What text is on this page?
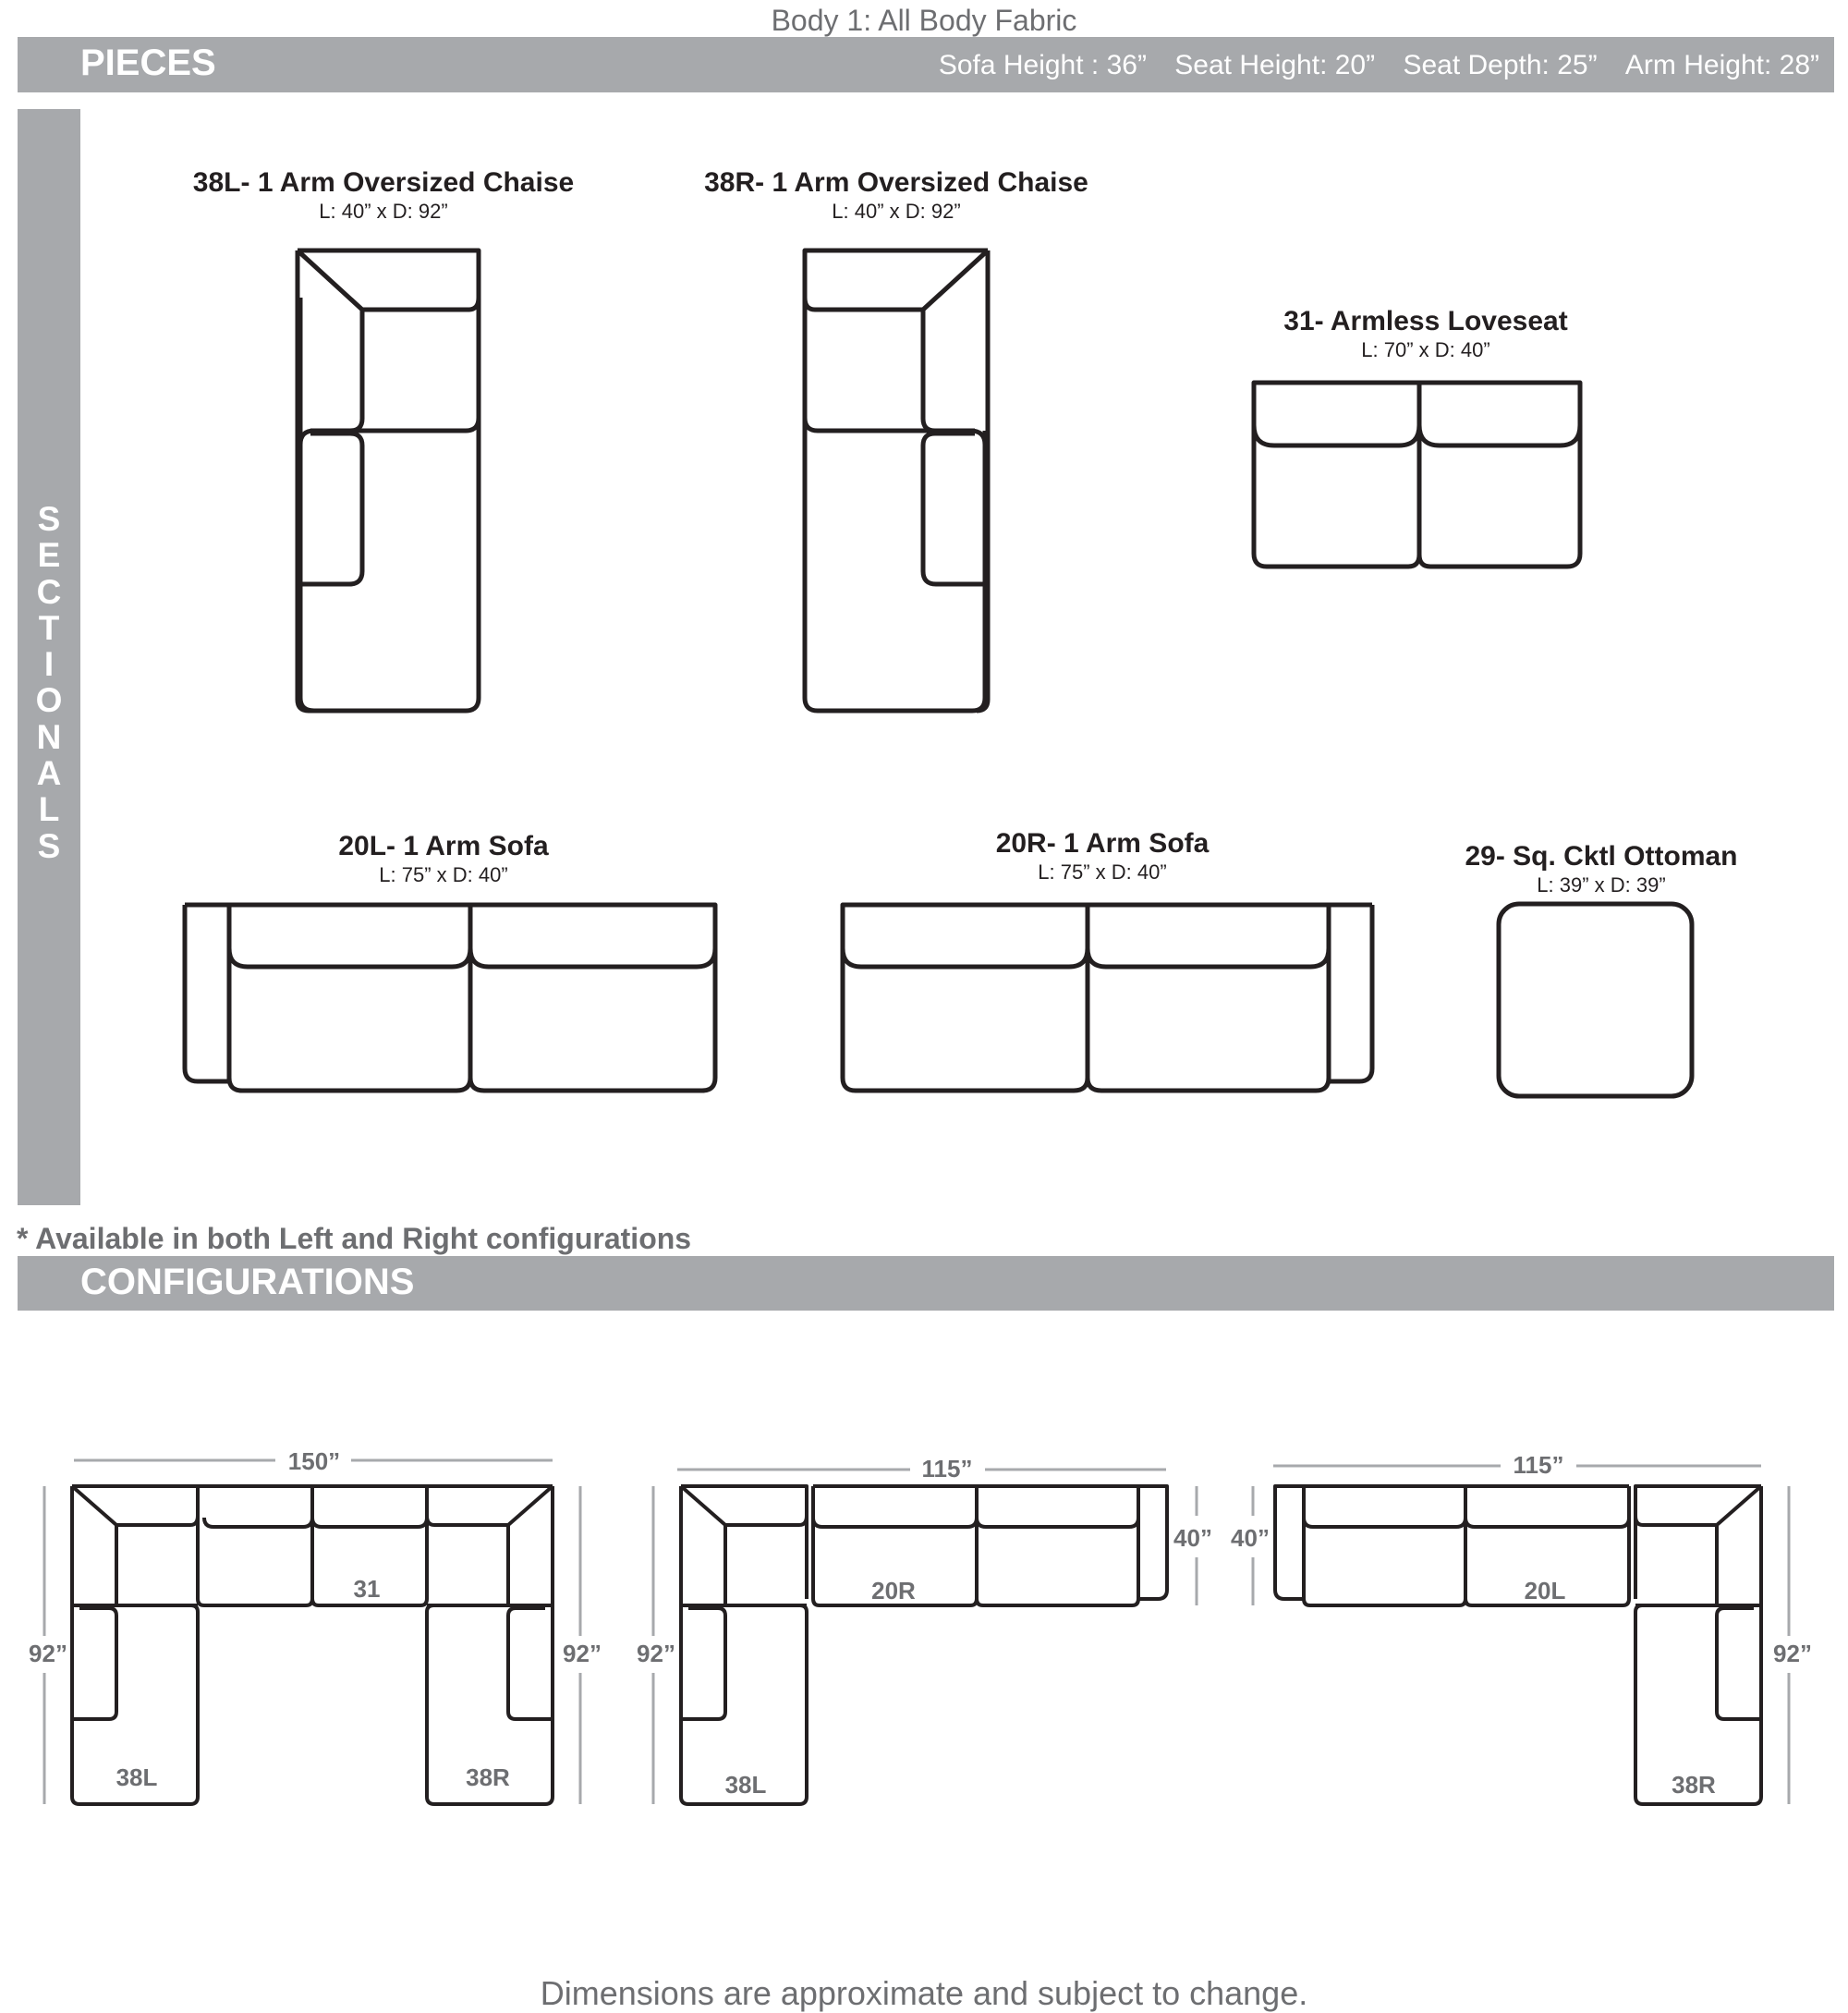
Body 1: All Body Fabric
PIECES	Sofa Height : 36” Seat Height: 20” Seat Depth: 25” Arm Height: 28”
S
E
C
T
I
O
N
A
L
S
38L- 1 Arm Oversized Chaise
L: 40” x D: 92”
38R- 1 Arm Oversized Chaise
L: 40” x D: 92”
31- Armless Loveseat
L: 70” x D: 40”
20L- 1 Arm Sofa
L: 75” x D: 40”
20R- 1 Arm Sofa
L: 75” x D: 40”
29- Sq. Cktl Ottoman
L: 39” x D: 39”
* Available in both Left and Right configurations
CONFIGURATIONS
150”
92”	92”
31
38L	38R
115”
92”
40”
20R
38L
115”
40”
92”
20L
38R
Dimensions are approximate and subject to change.
